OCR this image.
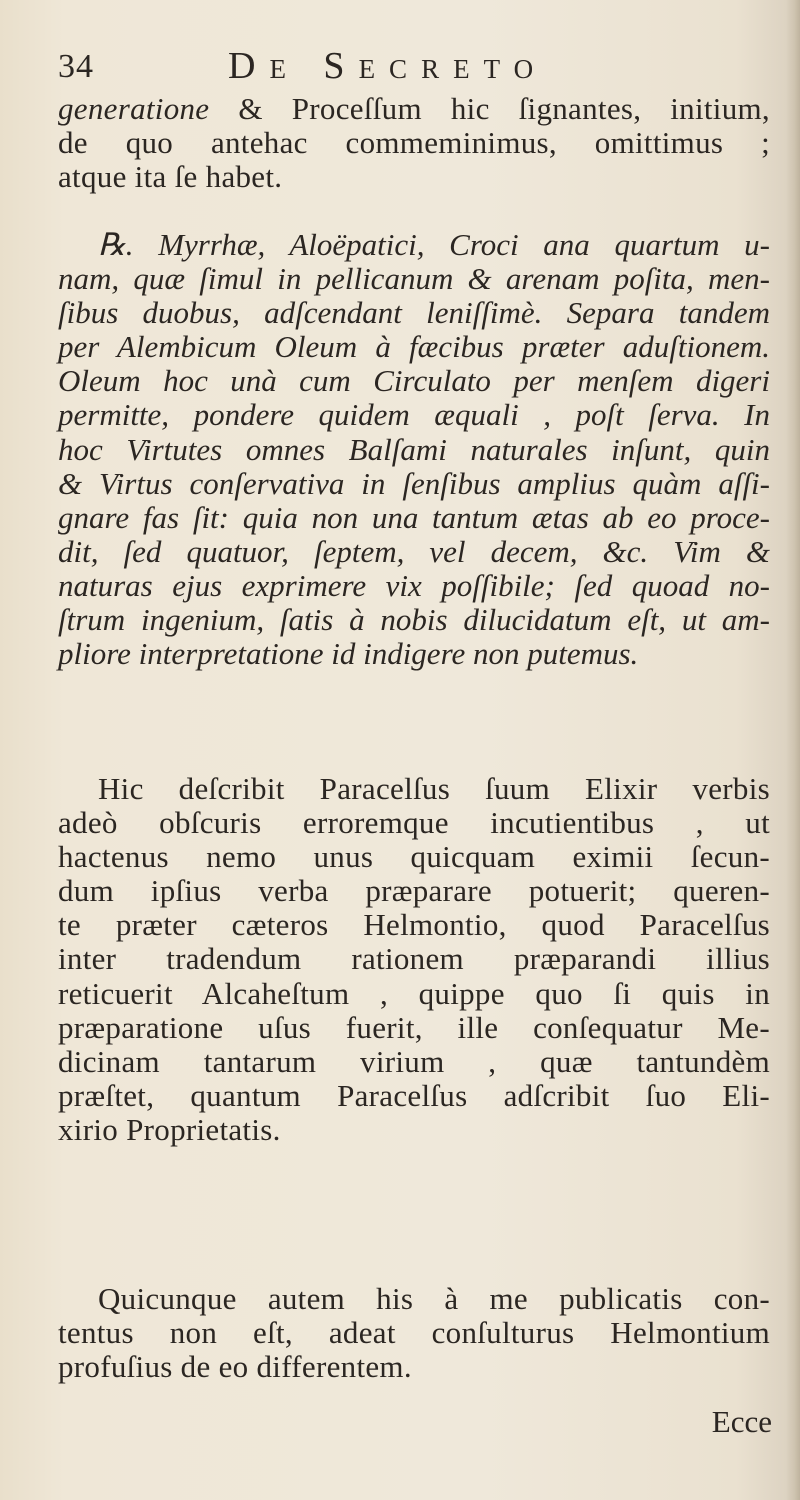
34	De Secreto
generatione & Proceſſum hic ſignantes, initium,
de quo antehac commeminimus, omittimus ;
atque ita ſe habet.
℞. Myrrhæ, Aloëpatici, Croci ana quartum u-
nam, quæ ſimul in pellicanum & arenam poſita, men-
ſibus duobus, adſcendant leniſſimè. Separa tandem
per Alembicum Oleum à fæcibus præter aduſtionem.
Oleum hoc unà cum Circulato per menſem digeri
permitte, pondere quidem æquali , poſt ſerva. In
hoc Virtutes omnes Balſami naturales inſunt, quin
& Virtus conſervativa in ſenſibus amplius quàm aſſi-
gnare fas ſit: quia non una tantum ætas ab eo proce-
dit, ſed quatuor, ſeptem, vel decem, &c. Vim &
naturas ejus exprimere vix poſſibile; ſed quoad no-
ſtrum ingenium, ſatis à nobis dilucidatum eſt, ut am-
pliore interpretatione id indigere non putemus.
Hic deſcribit Paracelſus ſuum Elixir verbis
adeò obſcuris erroremque incutientibus , ut
hactenus nemo unus quicquam eximii ſecun-
dum ipſius verba præparare potuerit; queren-
te præter cæteros Helmontio, quod Paracelſus
inter tradendum rationem præparandi illius
reticuerit Alcaheſtum , quippe quo ſi quis in
præparatione uſus fuerit, ille conſequatur Me-
dicinam tantarum virium , quæ tantundèm
præſtet, quantum Paracelſus adſcribit ſuo Eli-
xirio Proprietatis.
Quicunque autem his à me publicatis con-
tentus non eſt, adeat conſulturus Helmontium
profuſius de eo differentem.
Ecce
